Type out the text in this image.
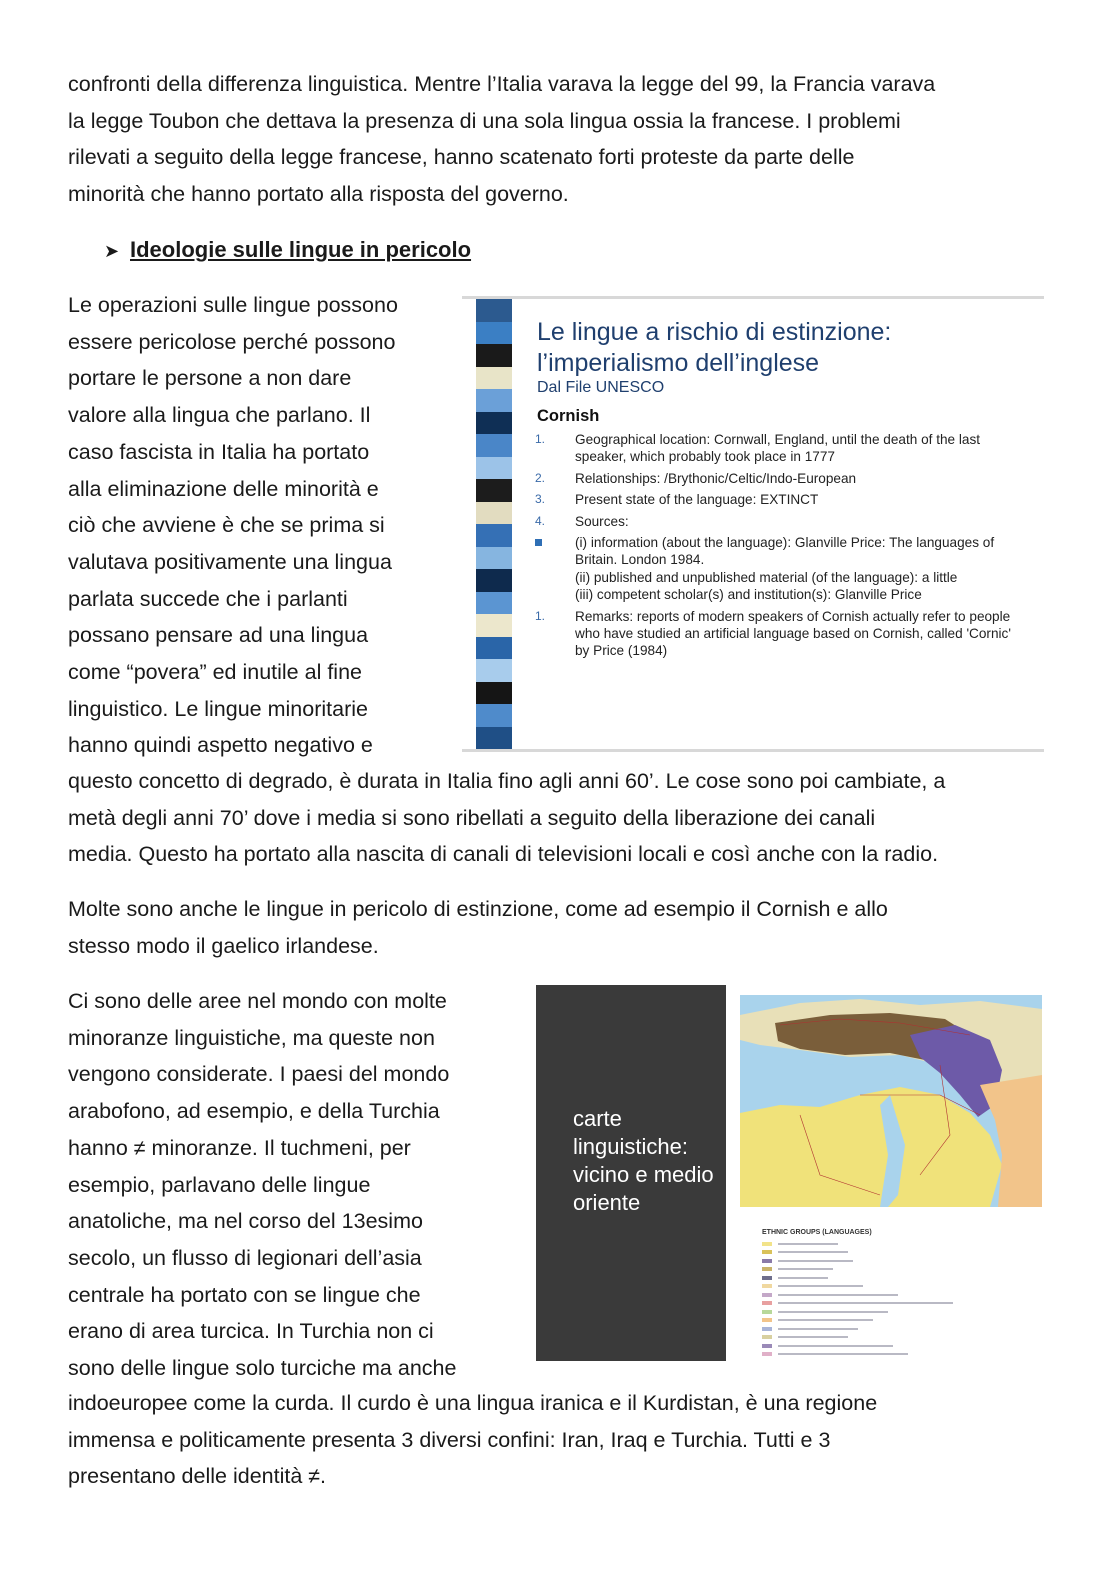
confronti della differenza linguistica. Mentre l’Italia varava la legge del 99, la Francia varava
la legge Toubon che dettava la presenza di una sola lingua ossia la francese. I problemi
rilevati a seguito della legge francese, hanno scatenato forti proteste da parte delle
minorità che hanno portato alla risposta del governo.
➤ Ideologie sulle lingue in pericolo
Le operazioni sulle lingue possono
essere pericolose perché possono
portare le persone a non dare
valore alla lingua che parlano. Il
caso fascista in Italia ha portato
alla eliminazione delle minorità e
ciò che avviene è che se prima si
valutava positivamente una lingua
parlata succede che i parlanti
possano pensare ad una lingua
come “povera” ed inutile al fine
linguistico. Le lingue minoritarie
hanno quindi aspetto negativo e
Le lingue a rischio di estinzione:
l’imperialismo dell’inglese
Dal File UNESCO
Cornish
1.	Geographical location: Cornwall, England, until the death of the last speaker, which probably took place in 1777
2.	Relationships: /Brythonic/Celtic/Indo-European
3.	Present state of the language: EXTINCT
4.	Sources:
(i) information (about the language): Glanville Price: The languages of Britain. London 1984.
(ii) published and unpublished material (of the language): a little
(iii) competent scholar(s) and institution(s): Glanville Price
1.	Remarks: reports of modern speakers of Cornish actually refer to people who have studied an artificial language based on Cornish, called 'Cornic' by Price (1984)
questo concetto di degrado, è durata in Italia fino agli anni 60’. Le cose sono poi cambiate, a
metà degli anni 70’ dove i media si sono ribellati a seguito della liberazione dei canali
media. Questo ha portato alla nascita di canali di televisioni locali e così anche con la radio.
Molte sono anche le lingue in pericolo di estinzione, come ad esempio il Cornish e allo
stesso modo il gaelico irlandese.
Ci sono delle aree nel mondo con molte
minoranze linguistiche, ma queste non
vengono considerate. I paesi del mondo
arabofono, ad esempio, e della Turchia
hanno ≠ minoranze. Il tuchmeni, per
esempio, parlavano delle lingue
anatoliche, ma nel corso del 13esimo
secolo, un flusso di legionari dell’asia
centrale ha portato con se lingue che
erano di area turcica. In Turchia non ci
sono delle lingue solo turciche ma anche
carte linguistiche: vicino e medio oriente
ETHNIC GROUPS (LANGUAGES)
indoeuropee come la curda. Il curdo è una lingua iranica e il Kurdistan, è una regione
immensa e politicamente presenta 3 diversi confini: Iran, Iraq e Turchia. Tutti e 3
presentano delle identità ≠.
